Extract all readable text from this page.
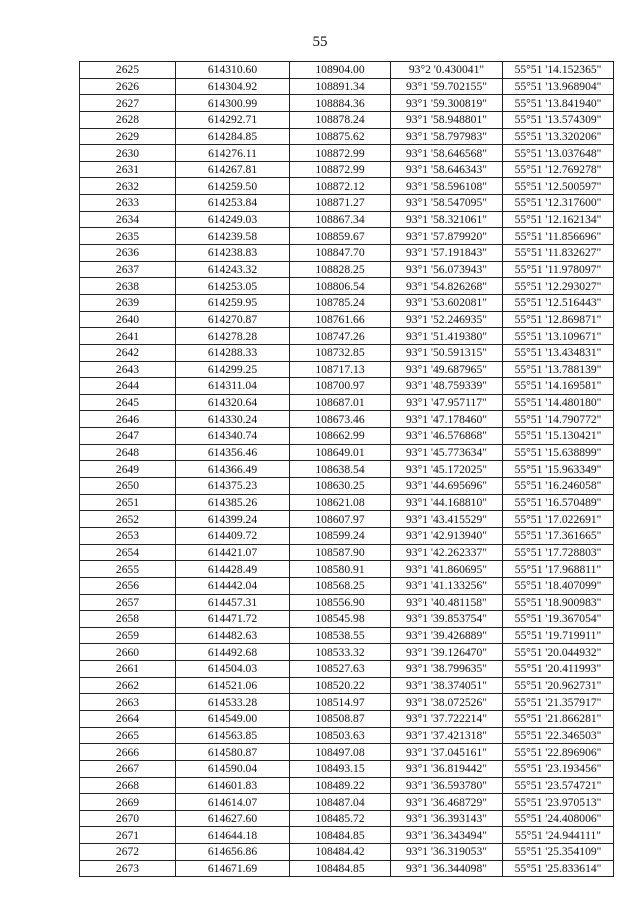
55
2625	614310.60	108904.00	93°2 '0.430041"	55°51 '14.152365"
2626	614304.92	108891.34	93°1 '59.702155"	55°51 '13.968904"
2627	614300.99	108884.36	93°1 '59.300819"	55°51 '13.841940"
2628	614292.71	108878.24	93°1 '58.948801"	55°51 '13.574309"
2629	614284.85	108875.62	93°1 '58.797983"	55°51 '13.320206"
2630	614276.11	108872.99	93°1 '58.646568"	55°51 '13.037648"
2631	614267.81	108872.99	93°1 '58.646343"	55°51 '12.769278"
2632	614259.50	108872.12	93°1 '58.596108"	55°51 '12.500597"
2633	614253.84	108871.27	93°1 '58.547095"	55°51 '12.317600"
2634	614249.03	108867.34	93°1 '58.321061"	55°51 '12.162134"
2635	614239.58	108859.67	93°1 '57.879920"	55°51 '11.856696"
2636	614238.83	108847.70	93°1 '57.191843"	55°51 '11.832627"
2637	614243.32	108828.25	93°1 '56.073943"	55°51 '11.978097"
2638	614253.05	108806.54	93°1 '54.826268"	55°51 '12.293027"
2639	614259.95	108785.24	93°1 '53.602081"	55°51 '12.516443"
2640	614270.87	108761.66	93°1 '52.246935"	55°51 '12.869871"
2641	614278.28	108747.26	93°1 '51.419380"	55°51 '13.109671"
2642	614288.33	108732.85	93°1 '50.591315"	55°51 '13.434831"
2643	614299.25	108717.13	93°1 '49.687965"	55°51 '13.788139"
2644	614311.04	108700.97	93°1 '48.759339"	55°51 '14.169581"
2645	614320.64	108687.01	93°1 '47.957117"	55°51 '14.480180"
2646	614330.24	108673.46	93°1 '47.178460"	55°51 '14.790772"
2647	614340.74	108662.99	93°1 '46.576868"	55°51 '15.130421"
2648	614356.46	108649.01	93°1 '45.773634"	55°51 '15.638899"
2649	614366.49	108638.54	93°1 '45.172025"	55°51 '15.963349"
2650	614375.23	108630.25	93°1 '44.695696"	55°51 '16.246058"
2651	614385.26	108621.08	93°1 '44.168810"	55°51 '16.570489"
2652	614399.24	108607.97	93°1 '43.415529"	55°51 '17.022691"
2653	614409.72	108599.24	93°1 '42.913940"	55°51 '17.361665"
2654	614421.07	108587.90	93°1 '42.262337"	55°51 '17.728803"
2655	614428.49	108580.91	93°1 '41.860695"	55°51 '17.968811"
2656	614442.04	108568.25	93°1 '41.133256"	55°51 '18.407099"
2657	614457.31	108556.90	93°1 '40.481158"	55°51 '18.900983"
2658	614471.72	108545.98	93°1 '39.853754"	55°51 '19.367054"
2659	614482.63	108538.55	93°1 '39.426889"	55°51 '19.719911"
2660	614492.68	108533.32	93°1 '39.126470"	55°51 '20.044932"
2661	614504.03	108527.63	93°1 '38.799635"	55°51 '20.411993"
2662	614521.06	108520.22	93°1 '38.374051"	55°51 '20.962731"
2663	614533.28	108514.97	93°1 '38.072526"	55°51 '21.357917"
2664	614549.00	108508.87	93°1 '37.722214"	55°51 '21.866281"
2665	614563.85	108503.63	93°1 '37.421318"	55°51 '22.346503"
2666	614580.87	108497.08	93°1 '37.045161"	55°51 '22.896906"
2667	614590.04	108493.15	93°1 '36.819442"	55°51 '23.193456"
2668	614601.83	108489.22	93°1 '36.593780"	55°51 '23.574721"
2669	614614.07	108487.04	93°1 '36.468729"	55°51 '23.970513"
2670	614627.60	108485.72	93°1 '36.393143"	55°51 '24.408006"
2671	614644.18	108484.85	93°1 '36.343494"	55°51 '24.944111"
2672	614656.86	108484.42	93°1 '36.319053"	55°51 '25.354109"
2673	614671.69	108484.85	93°1 '36.344098"	55°51 '25.833614"
